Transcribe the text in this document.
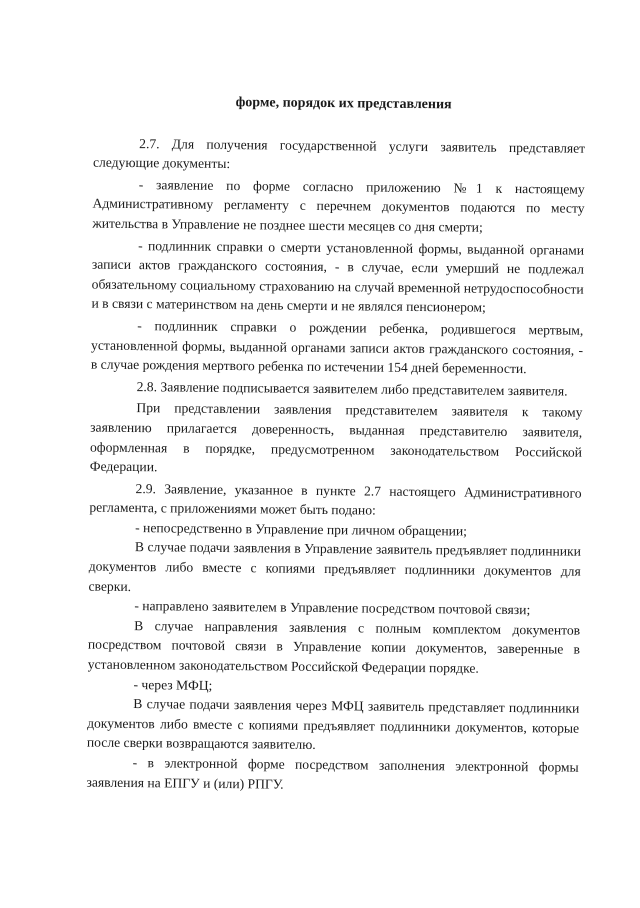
форме, порядок их представления

2.7. Для получения государственной услуги заявитель представляет следующие документы:

- заявление по форме согласно приложению №1 к настоящему Административному регламенту с перечнем документов подаются по месту жительства в Управление не позднее шести месяцев со дня смерти;

- подлинник справки о смерти установленной формы, выданной органами записи актов гражданского состояния, - в случае, если умерший не подлежал обязательному социальному страхованию на случай временной нетрудоспособности и в связи с материнством на день смерти и не являлся пенсионером;

- подлинник справки о рождении ребенка, родившегося мертвым, установленной формы, выданной органами записи актов гражданского состояния, - в случае рождения мертвого ребенка по истечении 154 дней беременности.

2.8. Заявление подписывается заявителем либо представителем заявителя.

При представлении заявления представителем заявителя к такому заявлению прилагается доверенность, выданная представителю заявителя, оформленная в порядке, предусмотренном законодательством Российской Федерации.

2.9. Заявление, указанное в пункте 2.7 настоящего Административного регламента, с приложениями может быть подано:

- непосредственно в Управление при личном обращении;

В случае подачи заявления в Управление заявитель предъявляет подлинники документов либо вместе с копиями предъявляет подлинники документов для сверки.

- направлено заявителем в Управление посредством почтовой связи;

В случае направления заявления с полным комплектом документов посредством почтовой связи в Управление копии документов, заверенные в установленном законодательством Российской Федерации порядке.

- через МФЦ;

В случае подачи заявления через МФЦ заявитель представляет подлинники документов либо вместе с копиями предъявляет подлинники документов, которые после сверки возвращаются заявителю.

- в электронной форме посредством заполнения электронной формы заявления на ЕПГУ и (или) РПГУ.
